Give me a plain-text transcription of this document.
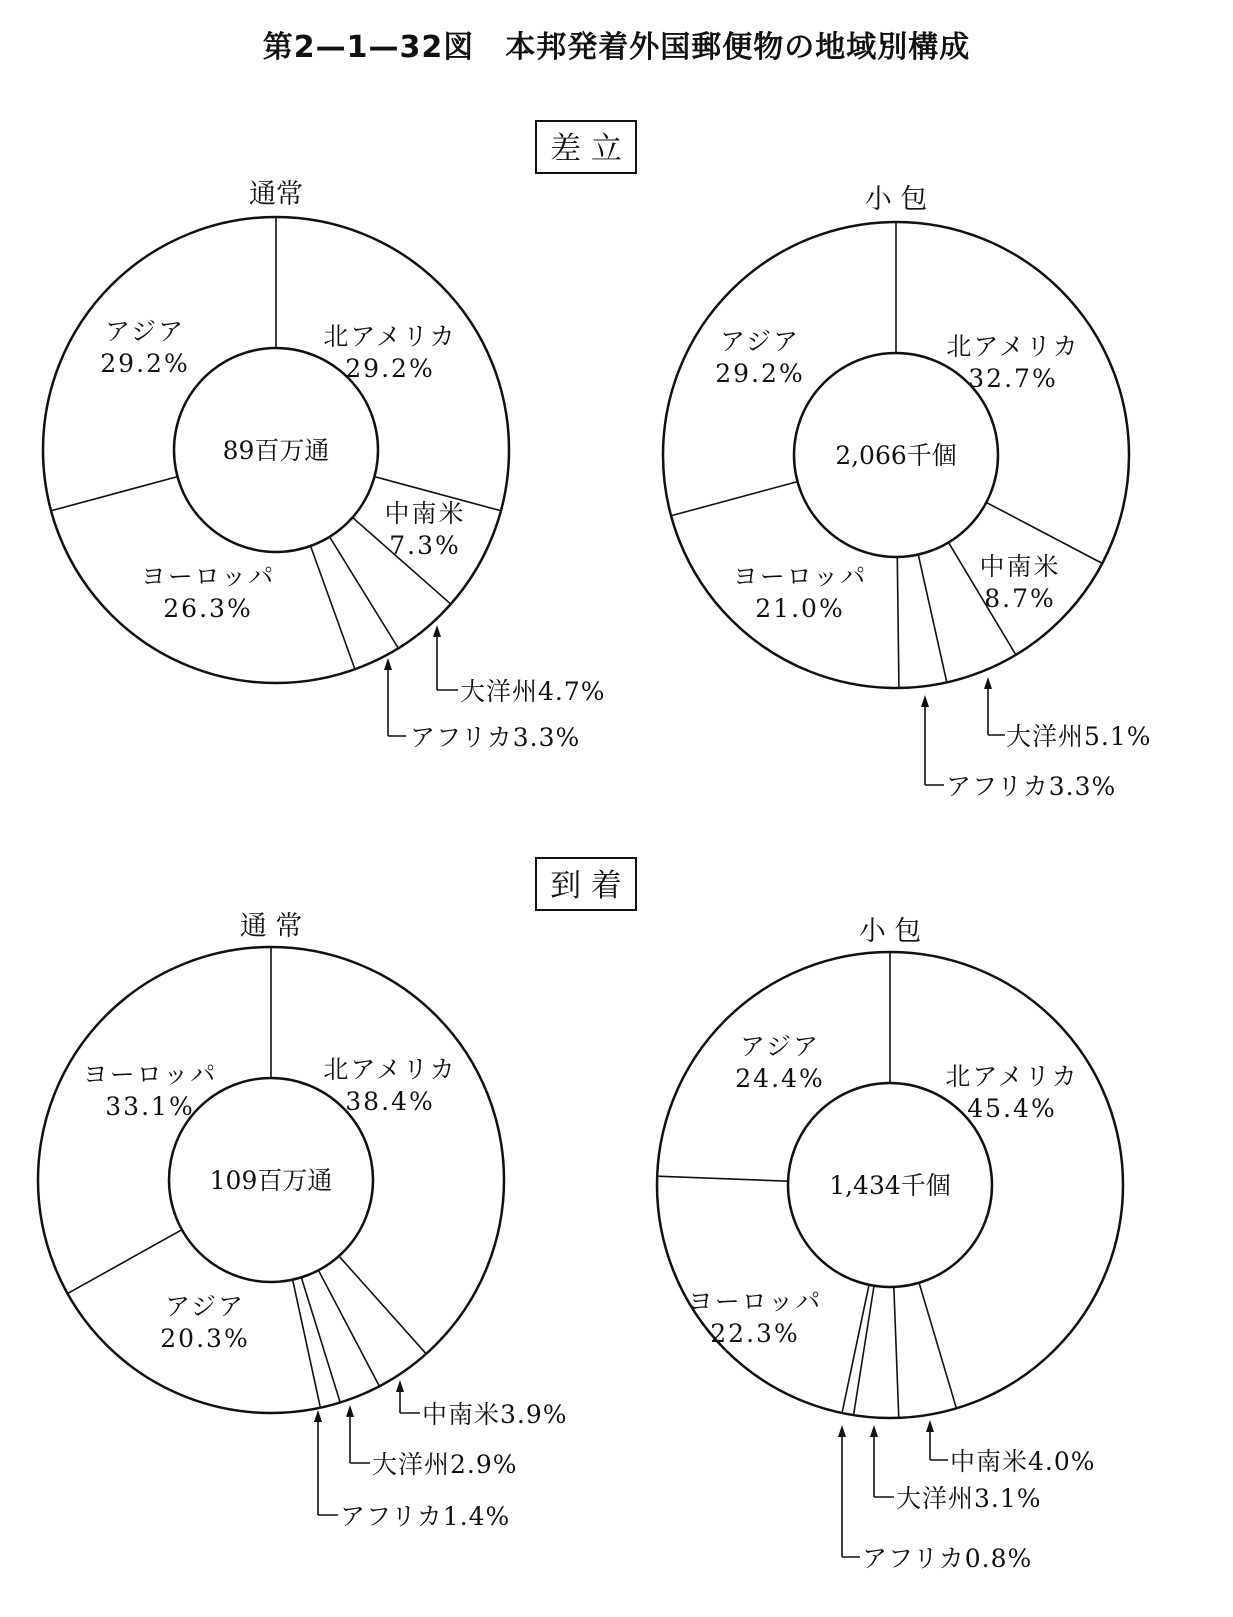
第2—1—32図　本邦発着外国郵便物の地域別構成
差 立
到 着
通常
89百万通
北アメリカ
29.2%
中南米
7.3%
大洋州4.7%
アフリカ3.3%
ヨーロッパ
26.3%
アジア
29.2%
小 包
2,066千個
北アメリカ
32.7%
中南米
8.7%
大洋州5.1%
アフリカ3.3%
ヨーロッパ
21.0%
アジア
29.2%
通 常
109百万通
北アメリカ
38.4%
中南米3.9%
大洋州2.9%
アフリカ1.4%
アジア
20.3%
ヨーロッパ
33.1%
小 包
1,434千個
北アメリカ
45.4%
中南米4.0%
大洋州3.1%
アフリカ0.8%
ヨーロッパ
22.3%
アジア
24.4%
